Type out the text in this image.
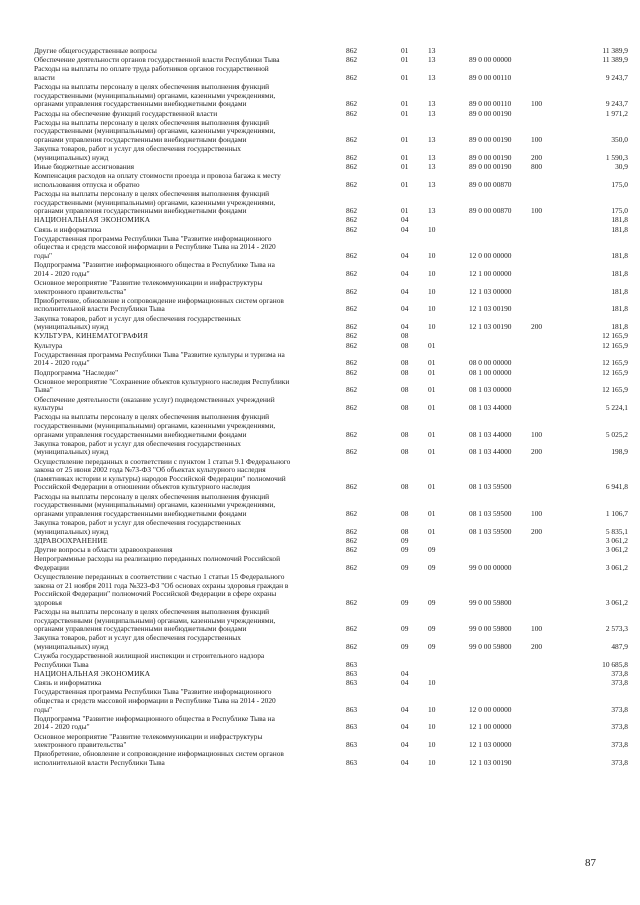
Другие общегосударственные вопросы	862	01	13	11 389,9
Обеспечение деятельности органов государственной власти Республики Тыва	862	01	13	89 0 00 00000	11 389,9
Расходы на выплаты по оплате труда работников органов государственной
власти	862	01	13	89 0 00 00110	9 243,7
Расходы на выплаты персоналу в целях обеспечения выполнения функций
государственными (муниципальными) органами, казенными учреждениями,
органами управления государственными внебюджетными фондами	862	01	13	89 0 00 00110	100	9 243,7
Расходы на обеспечение функций государственной власти	862	01	13	89 0 00 00190	1 971,2
Расходы на выплаты персоналу в целях обеспечения выполнения функций
государственными (муниципальными) органами, казенными учреждениями,
органами управления государственными внебюджетными фондами	862	01	13	89 0 00 00190	100	350,0
Закупка товаров, работ и услуг для обеспечения государственных
(муниципальных) нужд	862	01	13	89 0 00 00190	200	1 590,3
Иные бюджетные ассигнования	862	01	13	89 0 00 00190	800	30,9
Компенсация расходов на оплату стоимости проезда и провоза багажа к месту
использования отпуска и обратно	862	01	13	89 0 00 00870	175,0
Расходы на выплаты персоналу в целях обеспечения выполнения функций
государственными (муниципальными) органами, казенными учреждениями,
органами управления государственными внебюджетными фондами	862	01	13	89 0 00 00870	100	175,0
НАЦИОНАЛЬНАЯ ЭКОНОМИКА	862	04	181,8
Связь и информатика	862	04	10	181,8
Государственная программа Республики Тыва "Развитие информационного
общества и средств массовой информации в Республике Тыва на 2014 - 2020
годы"	862	04	10	12 0 00 00000	181,8
Подпрограмма "Развитие информационного общества в Республике Тыва на
2014 - 2020 годы"	862	04	10	12 1 00 00000	181,8
Основное мероприятие "Развитие телекоммуникации и инфраструктуры
электронного правительства"	862	04	10	12 1 03 00000	181,8
Приобретение, обновление и сопровождение информационных систем органов
исполнительной власти Республики Тыва	862	04	10	12 1 03 00190	181,8
Закупка товаров, работ и услуг для обеспечения государственных
(муниципальных) нужд	862	04	10	12 1 03 00190	200	181,8
КУЛЬТУРА, КИНЕМАТОГРАФИЯ	862	08	12 165,9
Культура	862	08	01	12 165,9
Государственная программа Республики Тыва "Развитие культуры и туризма на
2014 - 2020 годы"	862	08	01	08 0 00 00000	12 165,9
Подпрограмма "Наследие"	862	08	01	08 1 00 00000	12 165,9
Основное мероприятие "Сохранение объектов культурного наследия Республики
Тыва"	862	08	01	08 1 03 00000	12 165,9
Обеспечение деятельности (оказание услуг) подведомственных учреждений
культуры	862	08	01	08 1 03 44000	5 224,1
Расходы на выплаты персоналу в целях обеспечения выполнения функций
государственными (муниципальными) органами, казенными учреждениями,
органами управления государственными внебюджетными фондами	862	08	01	08 1 03 44000	100	5 025,2
Закупка товаров, работ и услуг для обеспечения государственных
(муниципальных) нужд	862	08	01	08 1 03 44000	200	198,9
Осуществление переданных в соответствии с пунктом 1 статьи 9.1 Федерального
закона от 25 июня 2002 года №73-ФЗ "Об объектах культурного наследия
(памятниках истории и культуры) народов Российской Федерации" полномочий
Российской Федерации в отношении объектов культурного наследия	862	08	01	08 1 03 59500	6 941,8
Расходы на выплаты персоналу в целях обеспечения выполнения функций
государственными (муниципальными) органами, казенными учреждениями,
органами управления государственными внебюджетными фондами	862	08	01	08 1 03 59500	100	1 106,7
Закупка товаров, работ и услуг для обеспечения государственных
(муниципальных) нужд	862	08	01	08 1 03 59500	200	5 835,1
ЗДРАВООХРАНЕНИЕ	862	09	3 061,2
Другие вопросы в области здравоохранения	862	09	09	3 061,2
Непрограммные расходы на реализацию переданных полномочий Российской
Федерации	862	09	09	99 0 00 00000	3 061,2
Осуществление переданных в соответствии с частью 1 статьи 15 Федерального
закона от 21 ноября 2011 года №323-ФЗ "Об основах охраны здоровья граждан в
Российской Федерации" полномочий Российской Федерации в сфере охраны
здоровья	862	09	09	99 0 00 59800	3 061,2
Расходы на выплаты персоналу в целях обеспечения выполнения функций
государственными (муниципальными) органами, казенными учреждениями,
органами управления государственными внебюджетными фондами	862	09	09	99 0 00 59800	100	2 573,3
Закупка товаров, работ и услуг для обеспечения государственных
(муниципальных) нужд	862	09	09	99 0 00 59800	200	487,9
Служба государственной жилищной инспекции и строительного надзора
Республики Тыва	863	10 685,8
НАЦИОНАЛЬНАЯ ЭКОНОМИКА	863	04	373,8
Связь и информатика	863	04	10	373,8
Государственная программа Республики Тыва "Развитие информационного
общества и средств массовой информации в Республике Тыва на 2014 - 2020
годы"	863	04	10	12 0 00 00000	373,8
Подпрограмма "Развитие информационного общества в Республике Тыва на
2014 - 2020 годы"	863	04	10	12 1 00 00000	373,8
Основное мероприятие "Развитие телекоммуникации и инфраструктуры
электронного правительства"	863	04	10	12 1 03 00000	373,8
Приобретение, обновление и сопровождение информационных систем органов
исполнительной власти Республики Тыва	863	04	10	12 1 03 00190	373,8
87
